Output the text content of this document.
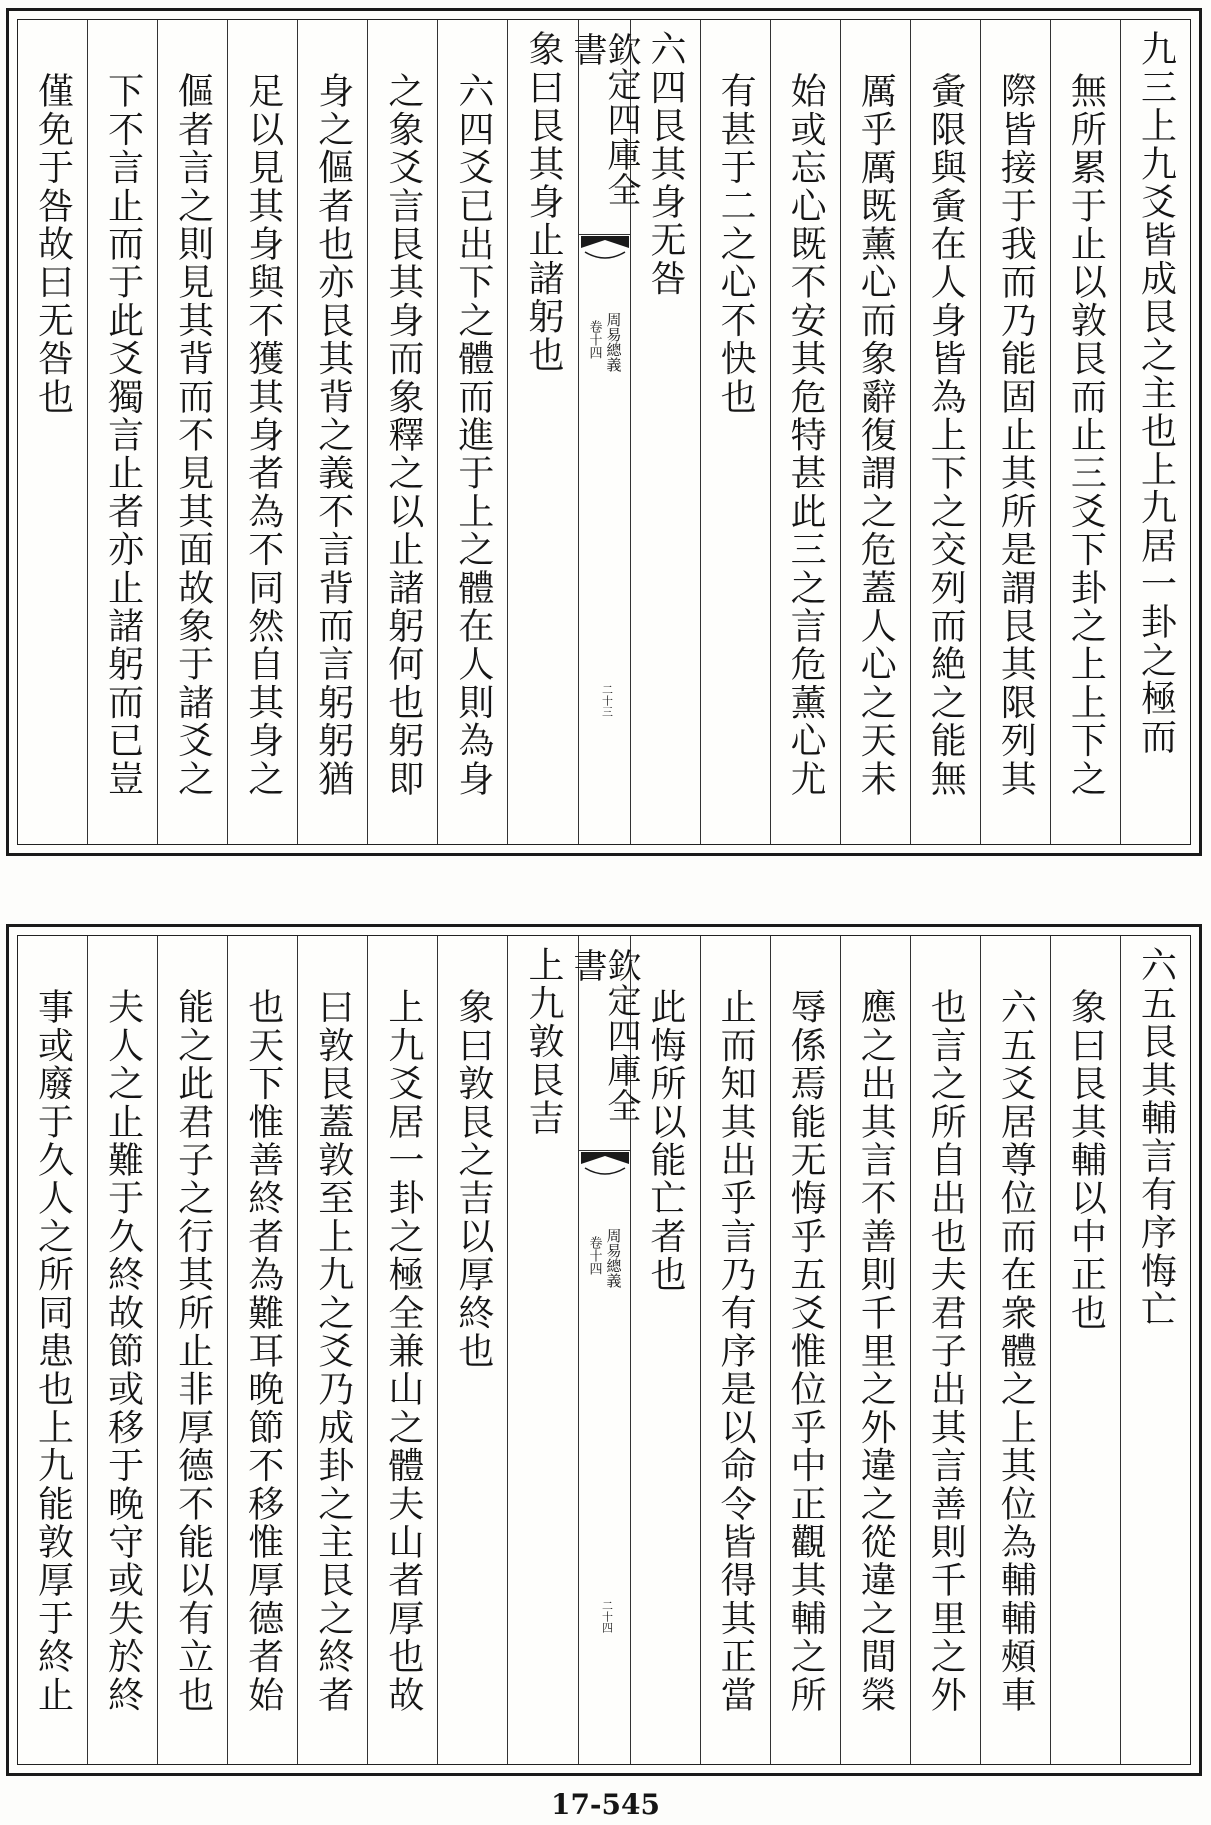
九三上九爻皆成艮之主也上九居一卦之極而
無所累于止以敦艮而止三爻下卦之上上下之
際皆接于我而乃能固止其所是謂艮其限列其
夤限與夤在人身皆為上下之交列而絶之能無
厲乎厲既薰心而象辭復謂之危蓋人心之天未
始或忘心既不安其危特甚此三之言危薰心尤
有甚于二之心不快也
六四艮其身无咎
欽定四庫全書
卷十四 周易總義
二十三
象曰艮其身止諸躬也
六四爻已出下之體而進于上之體在人則為身
之象爻言艮其身而象釋之以止諸躬何也躬即
身之傴者也亦艮其背之義不言背而言躬躬猶
足以見其身與不獲其身者為不同然自其身之
傴者言之則見其背而不見其面故象于諸爻之
下不言止而于此爻獨言止者亦止諸躬而已豈
僅免于咎故曰无咎也
六五艮其輔言有序悔亡
象曰艮其輔以中正也
六五爻居尊位而在衆體之上其位為輔輔頰車
也言之所自出也夫君子出其言善則千里之外
應之出其言不善則千里之外違之從違之間榮
辱係焉能无悔乎五爻惟位乎中正觀其輔之所
止而知其出乎言乃有序是以命令皆得其正當
此悔所以能亡者也
欽定四庫全書
卷十四 周易總義
二十四
上九敦艮吉
象曰敦艮之吉以厚終也
上九爻居一卦之極全兼山之體夫山者厚也故
曰敦艮蓋敦至上九之爻乃成卦之主艮之終者
也天下惟善終者為難耳晚節不移惟厚德者始
能之此君子之行其所止非厚德不能以有立也
夫人之止難于久終故節或移于晚守或失於終
事或廢于久人之所同患也上九能敦厚于終止
17-545
